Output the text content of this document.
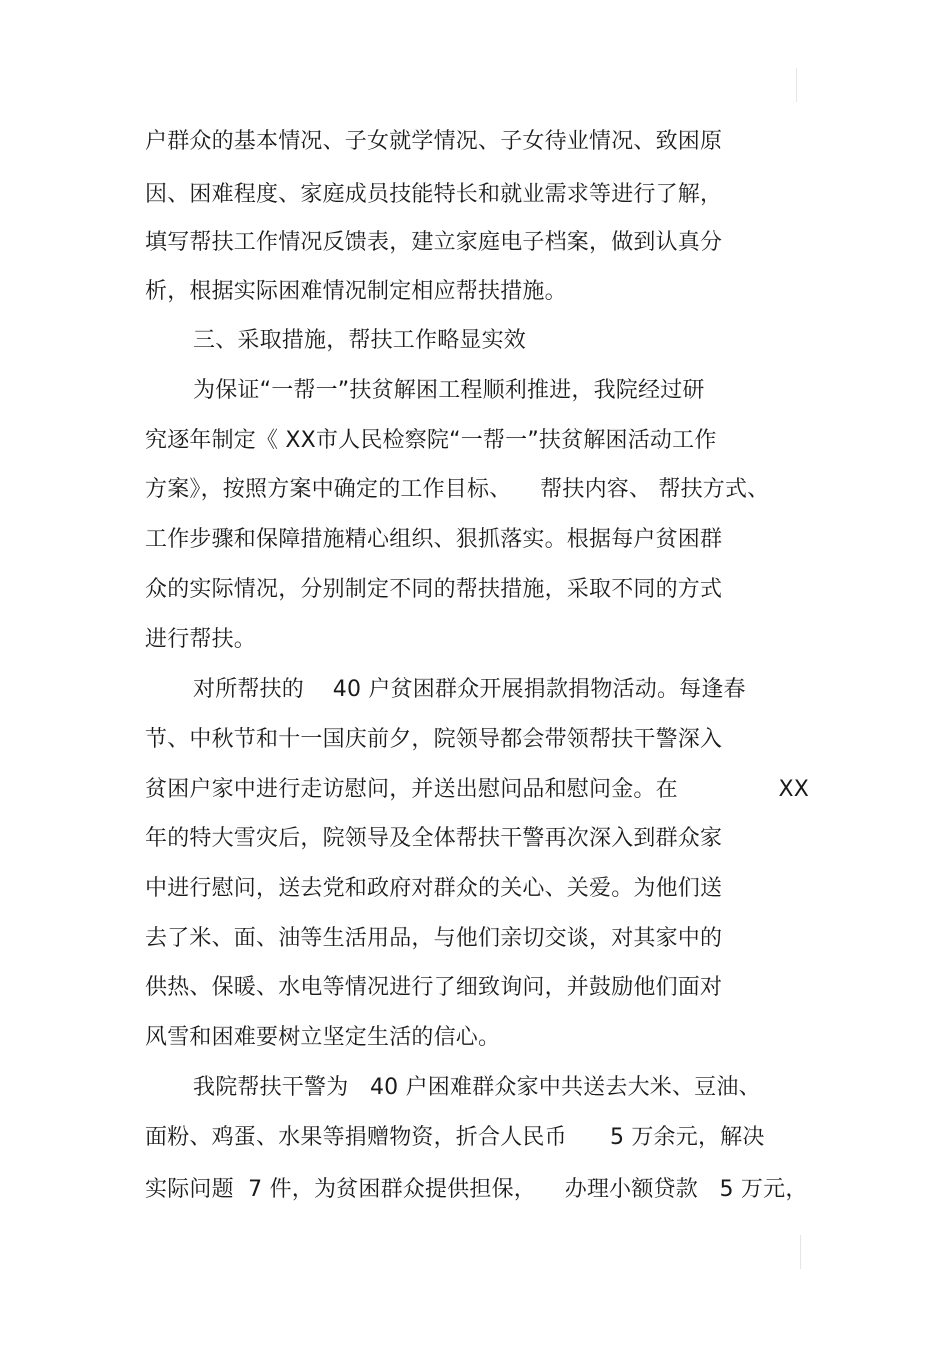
户群众的基本情况、子女就学情况、子女待业情况、致困原
因、困难程度、家庭成员技能特长和就业需求等进行了解，
填写帮扶工作情况反馈表，建立家庭电子档案，做到认真分
析，根据实际困难情况制定相应帮扶措施。
三、采取措施，帮扶工作略显实效
为保证“一帮一”扶贫解困工程顺利推进，我院经过研
究逐年制定《 XX市人民检察院“一帮一”扶贫解困活动工作
方案》，按照方案中确定的工作目标、    帮扶内容、 帮扶方式、
工作步骤和保障措施精心组织、狠抓落实。根据每户贫困群
众的实际情况，分别制定不同的帮扶措施，采取不同的方式
进行帮扶。
对所帮扶的    40 户贫困群众开展捐款捐物活动。每逢春
节、中秋节和十一国庆前夕，院领导都会带领帮扶干警深入
贫困户家中进行走访慰问，并送出慰问品和慰问金。在              XX
年的特大雪灾后，院领导及全体帮扶干警再次深入到群众家
中进行慰问，送去党和政府对群众的关心、关爱。为他们送
去了米、面、油等生活用品，与他们亲切交谈，对其家中的
供热、保暖、水电等情况进行了细致询问，并鼓励他们面对
风雪和困难要树立坚定生活的信心。
我院帮扶干警为   40 户困难群众家中共送去大米、豆油、
面粉、鸡蛋、水果等捐赠物资，折合人民币      5 万余元，解决
实际问题  7 件，为贫困群众提供担保，    办理小额贷款   5 万元，
